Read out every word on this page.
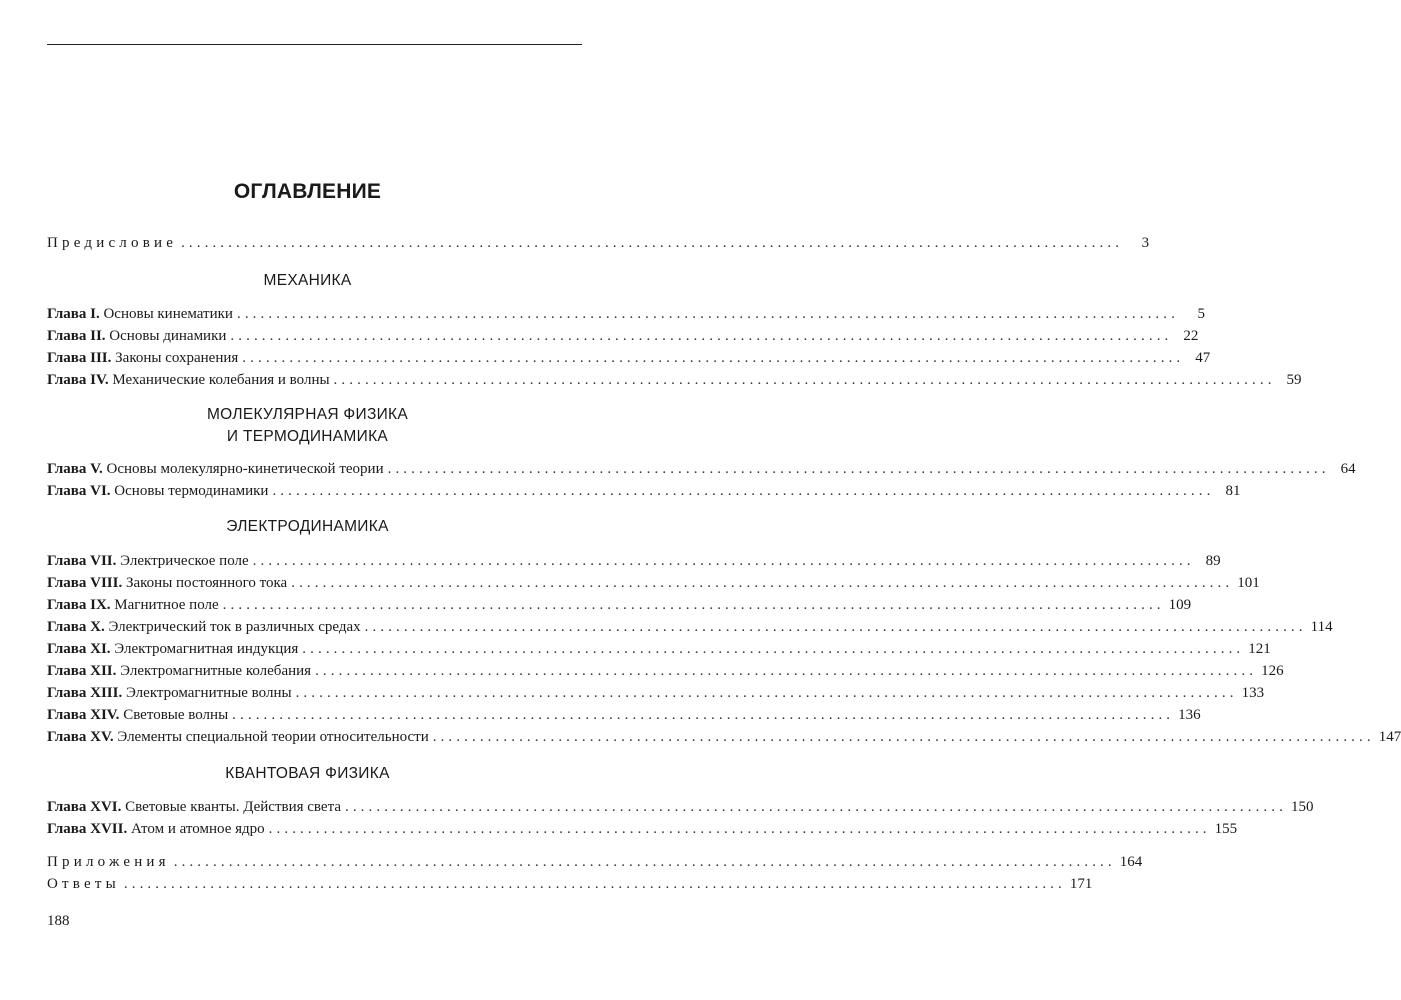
ОГЛАВЛЕНИЕ
Предисловие ........................................................................................................................	3
МЕХАНИКА
Глава I. Основы кинематики ........................................................................................................................	5
Глава II. Основы динамики ........................................................................................................................ 22
Глава III. Законы сохранения ........................................................................................................................ 47
Глава IV. Механические колебания и волны ........................................................................................................................ 59
МОЛЕКУЛЯРНАЯ ФИЗИКА
И ТЕРМОДИНАМИКА
Глава V. Основы молекулярно-кинетической теории ........................................................................................................................ 64
Глава VI. Основы термодинамики ........................................................................................................................ 81
ЭЛЕКТРОДИНАМИКА
Глава VII. Электрическое поле ........................................................................................................................ 89
Глава VIII. Законы постоянного тока ........................................................................................................................ 101
Глава IX. Магнитное поле ........................................................................................................................ 109
Глава X. Электрический ток в различных средах ........................................................................................................................ 114
Глава XI. Электромагнитная индукция ........................................................................................................................ 121
Глава XII. Электромагнитные колебания ........................................................................................................................ 126
Глава XIII. Электромагнитные волны ........................................................................................................................ 133
Глава XIV. Световые волны ........................................................................................................................ 136
Глава XV. Элементы специальной теории относительности ........................................................................................................................ 147
КВАНТОВАЯ ФИЗИКА
Глава XVI. Световые кванты. Действия света ........................................................................................................................ 150
Глава XVII. Атом и атомное ядро ........................................................................................................................ 155
Приложения ........................................................................................................................ 164
Ответы ........................................................................................................................ 171
188
